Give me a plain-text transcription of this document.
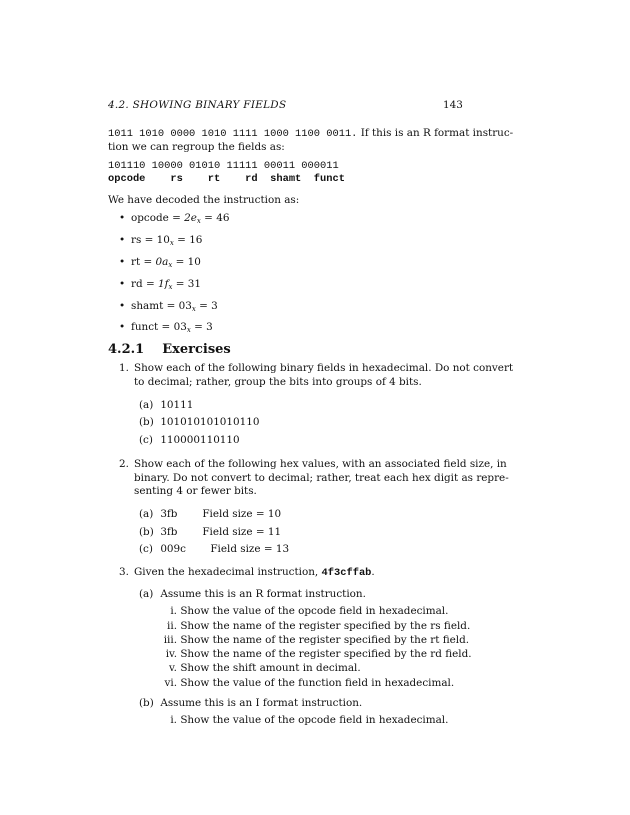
4.2. SHOWING BINARY FIELDS	143
1011 1010 0000 1010 1111 1000 1100 0011. If this is an R format instruc-
tion we can regroup the fields as:
101110 10000 01010 11111 00011 000011
opcode    rs    rt    rd  shamt  funct
We have decoded the instruction as:
• opcode = $2e_x = 46$
• rs = $10_x = 16$
• rt = $0a_x = 10$
• rd = $1f_x = 31$
• shamt = $03_x = 3$
• funct = $03_x = 3$
4.2.1 Exercises
1. Show each of the following binary fields in hexadecimal. Do not convert
to decimal; rather, group the bits into groups of 4 bits.
(a) 10111
(b) 101010101010110
(c) 110000110110
2. Show each of the following hex values, with an associated field size, in
binary. Do not convert to decimal; rather, treat each hex digit as repre-
senting 4 or fewer bits.
(a) 3fb Field size = 10
(b) 3fb Field size = 11
(c) 009c Field size = 13
3. Given the hexadecimal instruction, 4f3cffab.
(a) Assume this is an R format instruction.
i. Show the value of the opcode field in hexadecimal.
ii. Show the name of the register specified by the rs field.
iii. Show the name of the register specified by the rt field.
iv. Show the name of the register specified by the rd field.
v. Show the shift amount in decimal.
vi. Show the value of the function field in hexadecimal.
(b) Assume this is an I format instruction.
i. Show the value of the opcode field in hexadecimal.
